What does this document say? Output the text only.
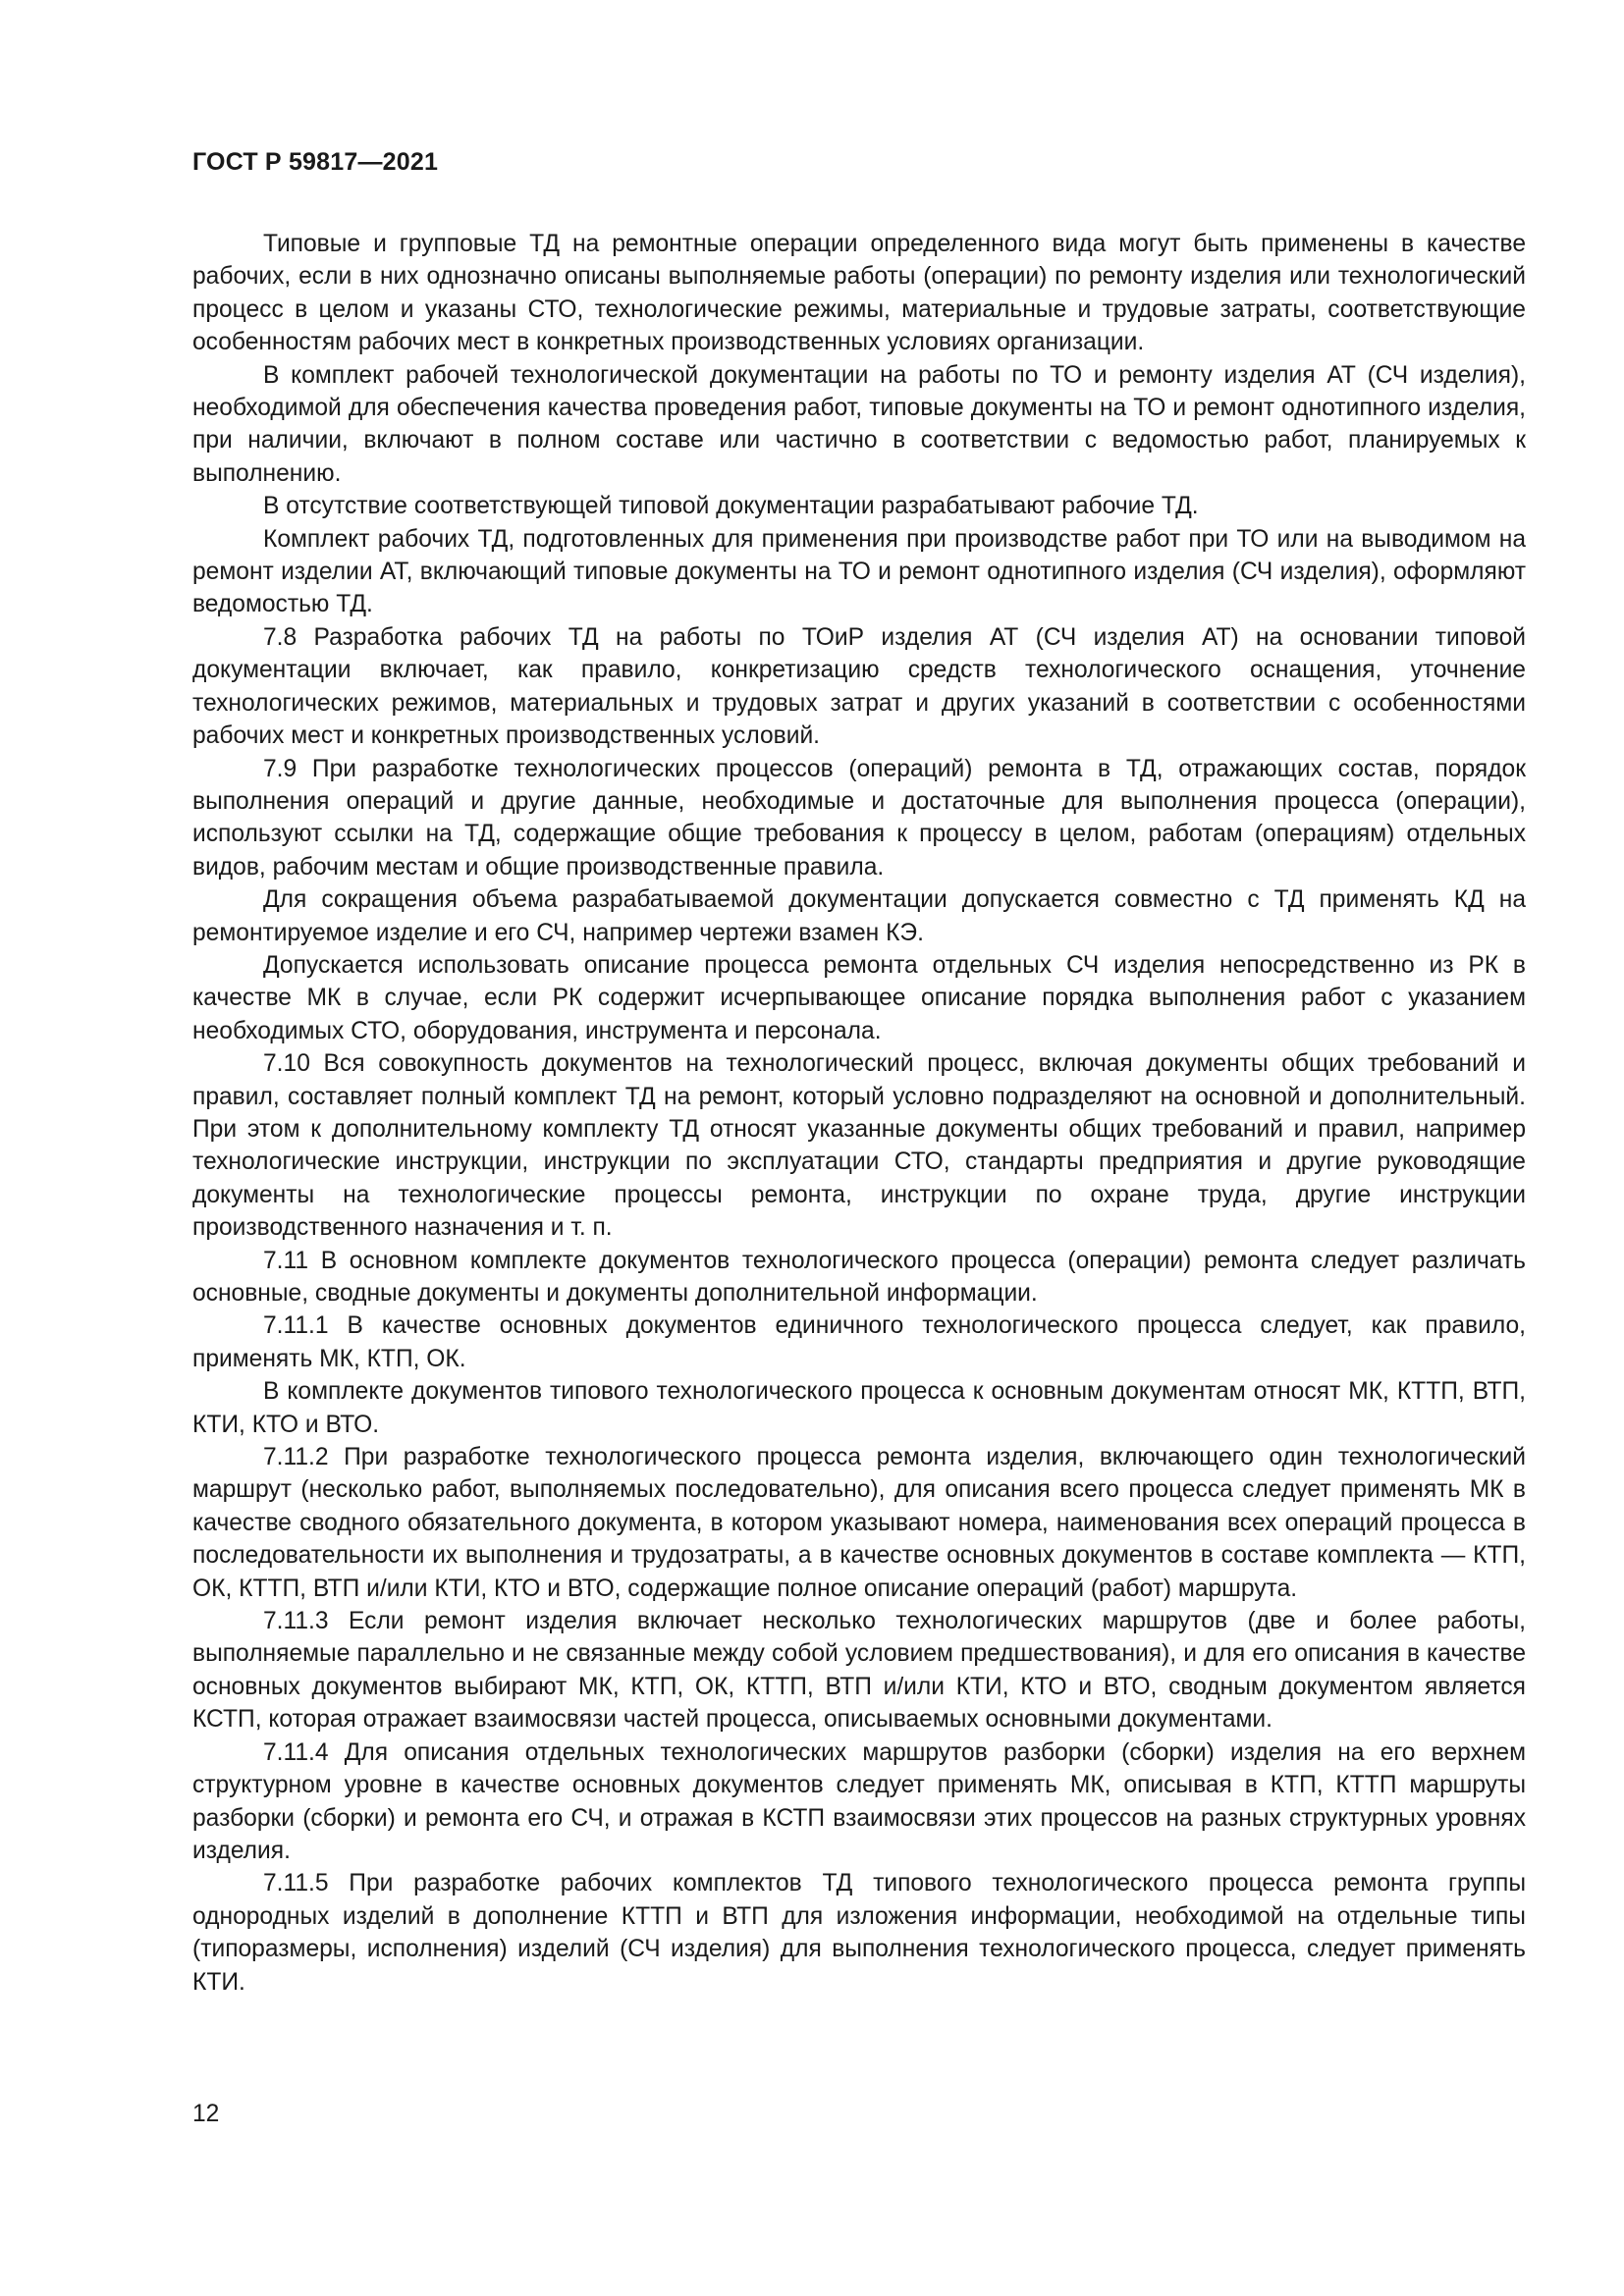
ГОСТ Р 59817—2021

Типовые и групповые ТД на ремонтные операции определенного вида могут быть применены в качестве рабочих, если в них однозначно описаны выполняемые работы (операции) по ремонту изделия или технологический процесс в целом и указаны СТО, технологические режимы, материальные и трудовые затраты, соответствующие особенностям рабочих мест в конкретных производственных условиях организации.

В комплект рабочей технологической документации на работы по ТО и ремонту изделия АТ (СЧ изделия), необходимой для обеспечения качества проведения работ, типовые документы на ТО и ремонт однотипного изделия, при наличии, включают в полном составе или частично в соответствии с ведомостью работ, планируемых к выполнению.

В отсутствие соответствующей типовой документации разрабатывают рабочие ТД.

Комплект рабочих ТД, подготовленных для применения при производстве работ при ТО или на выводимом на ремонт изделии АТ, включающий типовые документы на ТО и ремонт однотипного изделия (СЧ изделия), оформляют ведомостью ТД.

7.8 Разработка рабочих ТД на работы по ТОиР изделия АТ (СЧ изделия АТ) на основании типовой документации включает, как правило, конкретизацию средств технологического оснащения, уточнение технологических режимов, материальных и трудовых затрат и других указаний в соответствии с особенностями рабочих мест и конкретных производственных условий.

7.9 При разработке технологических процессов (операций) ремонта в ТД, отражающих состав, порядок выполнения операций и другие данные, необходимые и достаточные для выполнения процесса (операции), используют ссылки на ТД, содержащие общие требования к процессу в целом, работам (операциям) отдельных видов, рабочим местам и общие производственные правила.

Для сокращения объема разрабатываемой документации допускается совместно с ТД применять КД на ремонтируемое изделие и его СЧ, например чертежи взамен КЭ.

Допускается использовать описание процесса ремонта отдельных СЧ изделия непосредственно из РК в качестве МК в случае, если РК содержит исчерпывающее описание порядка выполнения работ с указанием необходимых СТО, оборудования, инструмента и персонала.

7.10 Вся совокупность документов на технологический процесс, включая документы общих требований и правил, составляет полный комплект ТД на ремонт, который условно подразделяют на основной и дополнительный. При этом к дополнительному комплекту ТД относят указанные документы общих требований и правил, например технологические инструкции, инструкции по эксплуатации СТО, стандарты предприятия и другие руководящие документы на технологические процессы ремонта, инструкции по охране труда, другие инструкции производственного назначения и т. п.

7.11 В основном комплекте документов технологического процесса (операции) ремонта следует различать основные, сводные документы и документы дополнительной информации.

7.11.1 В качестве основных документов единичного технологического процесса следует, как правило, применять МК, КТП, ОК.

В комплекте документов типового технологического процесса к основным документам относят МК, КТТП, ВТП, КТИ, КТО и ВТО.

7.11.2 При разработке технологического процесса ремонта изделия, включающего один технологический маршрут (несколько работ, выполняемых последовательно), для описания всего процесса следует применять МК в качестве сводного обязательного документа, в котором указывают номера, наименования всех операций процесса в последовательности их выполнения и трудозатраты, а в качестве основных документов в составе комплекта — КТП, ОК, КТТП, ВТП и/или КТИ, КТО и ВТО, содержащие полное описание операций (работ) маршрута.

7.11.3 Если ремонт изделия включает несколько технологических маршрутов (две и более работы, выполняемые параллельно и не связанные между собой условием предшествования), и для его описания в качестве основных документов выбирают МК, КТП, ОК, КТТП, ВТП и/или КТИ, КТО и ВТО, сводным документом является КСТП, которая отражает взаимосвязи частей процесса, описываемых основными документами.

7.11.4 Для описания отдельных технологических маршрутов разборки (сборки) изделия на его верхнем структурном уровне в качестве основных документов следует применять МК, описывая в КТП, КТТП маршруты разборки (сборки) и ремонта его СЧ, и отражая в КСТП взаимосвязи этих процессов на разных структурных уровнях изделия.

7.11.5 При разработке рабочих комплектов ТД типового технологического процесса ремонта группы однородных изделий в дополнение КТТП и ВТП для изложения информации, необходимой на отдельные типы (типоразмеры, исполнения) изделий (СЧ изделия) для выполнения технологического процесса, следует применять КТИ.

12
